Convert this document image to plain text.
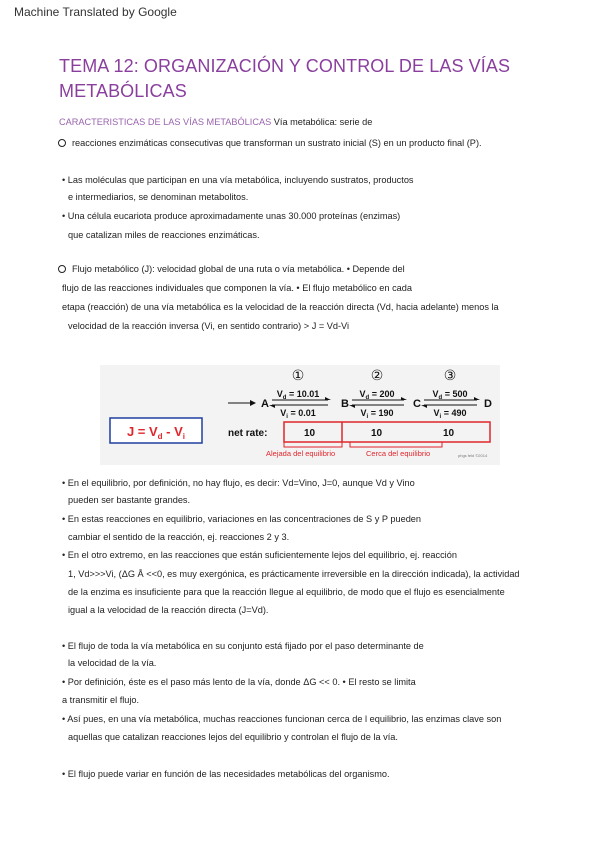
Machine Translated by Google
TEMA 12: ORGANIZACIÓN Y CONTROL DE LAS VÍAS
METABÓLICAS
CARACTERISTICAS DE LAS VÍAS METABÓLICAS Vía metabólica: serie de
reacciones enzimáticas consecutivas que transforman un sustrato inicial (S) en un producto final (P).
• Las moléculas que participan en una vía metabólica, incluyendo sustratos, productos
e intermediarios, se denominan metabolitos.
• Una célula eucariota produce aproximadamente unas 30.000 proteínas (enzimas)
que catalizan miles de reacciones enzimáticas.
Flujo metabólico (J): velocidad global de una ruta o vía metabólica. • Depende del
flujo de las reacciones individuales que componen la vía. • El flujo metabólico en cada
etapa (reacción) de una vía metabólica es la velocidad de la reacción directa (Vd, hacia adelante) menos la
velocidad de la reacción inversa (Vi, en sentido contrario) > J = Vd-Vi
$J = V_d - V_i$
A	B	C	D
①
$V_d = 10.01$
$V_i = 0.01$
②
$V_d = 200$
$V_i = 190$
③
$V_d = 500$
$V_i = 490$
net rate:	10	10	10
Alejada del equilibrio	Cerca del equilibrio	phgs feld ©2014
• En el equilibrio, por definición, no hay flujo, es decir: Vd=Vino, J=0, aunque Vd y Vino
pueden ser bastante grandes.
• En estas reacciones en equilibrio, variaciones en las concentraciones de S y P pueden
cambiar el sentido de la reacción, ej. reacciones 2 y 3.
• En el otro extremo, en las reacciones que están suficientemente lejos del equilibrio, ej. reacción
1, Vd>>>Vi, (ΔG Å <<0, es muy exergónica, es prácticamente irreversible en la dirección indicada), la actividad
de la enzima es insuficiente para que la reacción llegue al equilibrio, de modo que el flujo es esencialmente
igual a la velocidad de la reacción directa (J=Vd).
• El flujo de toda la vía metabólica en su conjunto está fijado por el paso determinante de
la velocidad de la vía.
• Por definición, éste es el paso más lento de la vía, donde ΔG << 0. • El resto se limita
a transmitir el flujo.
• Así pues, en una vía metabólica, muchas reacciones funcionan cerca de l equilibrio, las enzimas clave son
aquellas que catalizan reacciones lejos del equilibrio y controlan el flujo de la vía.
• El flujo puede variar en función de las necesidades metabólicas del organismo.
